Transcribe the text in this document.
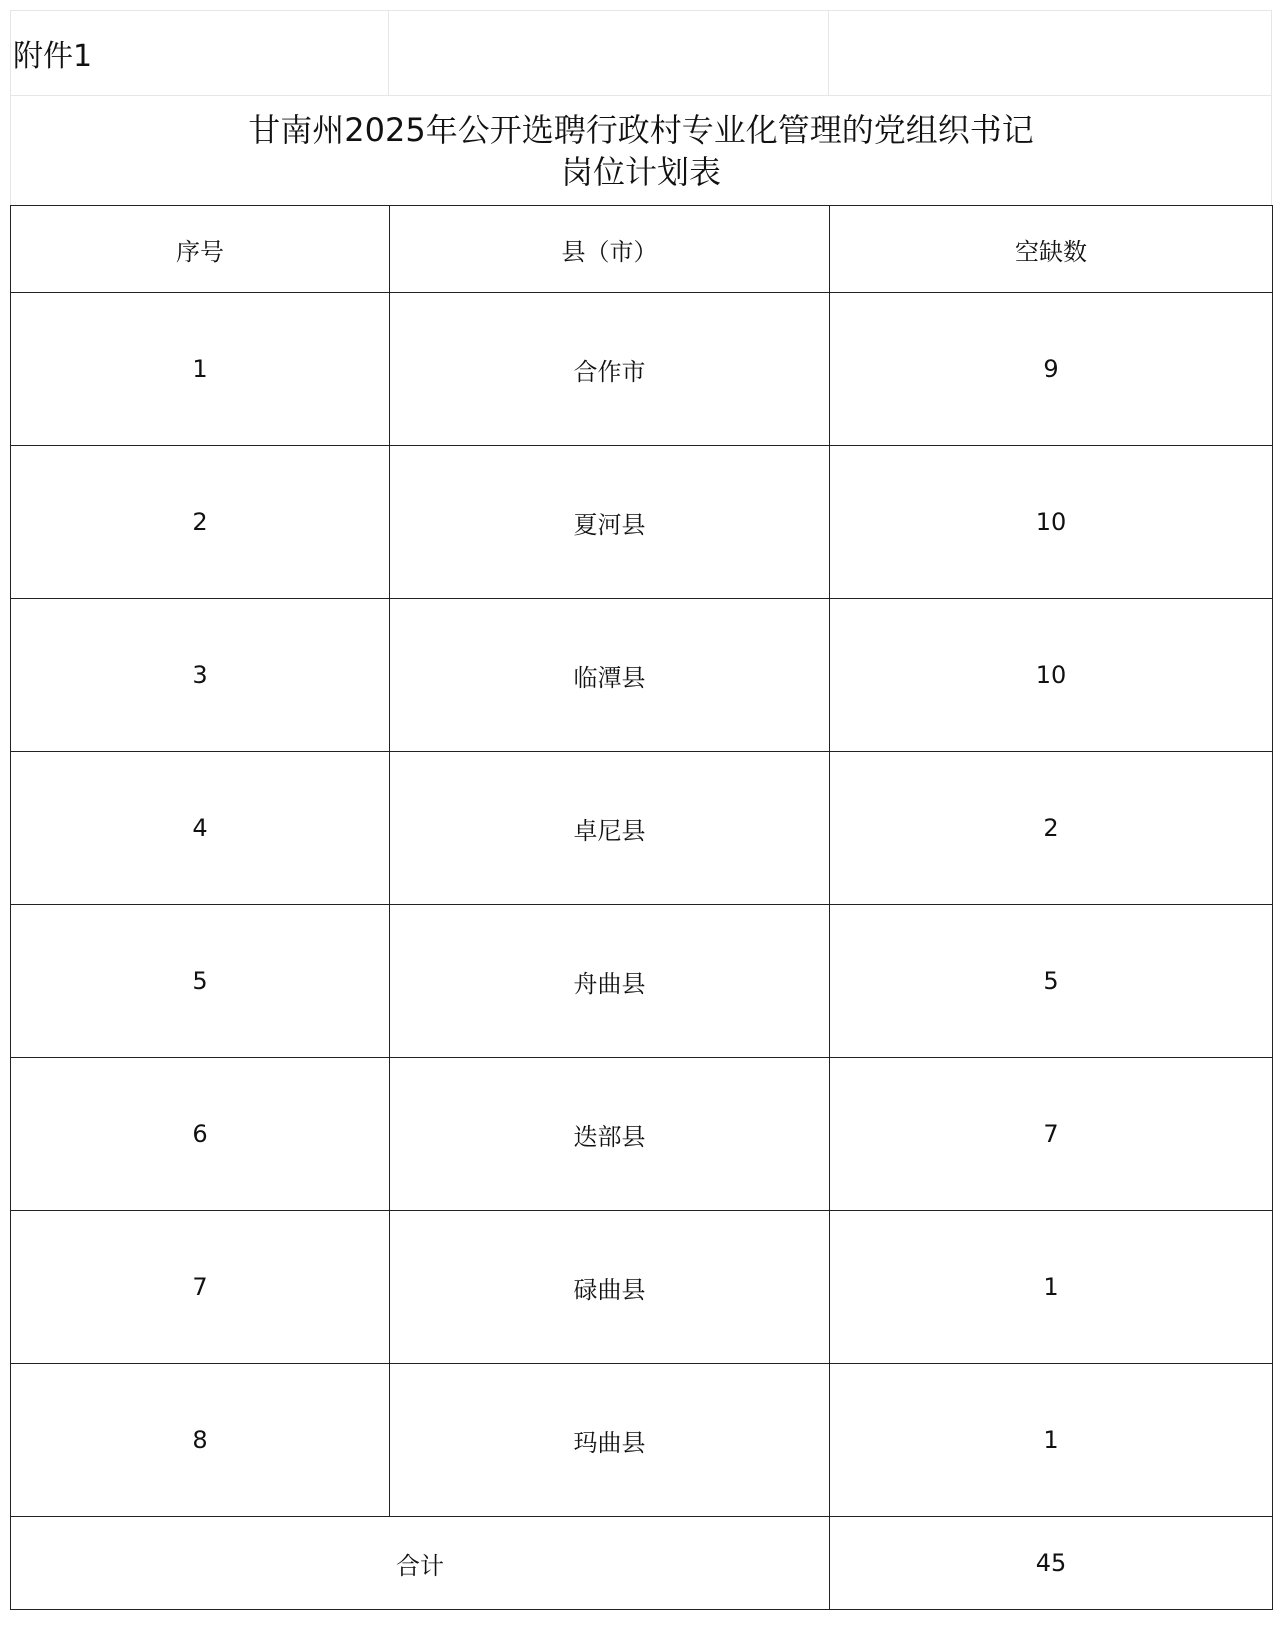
附件1
甘南州2025年公开选聘行政村专业化管理的党组织书记
岗位计划表
序号	县（市）	空缺数
1	合作市	9
2	夏河县	10
3	临潭县	10
4	卓尼县	2
5	舟曲县	5
6	迭部县	7
7	碌曲县	1
8	玛曲县	1
合计		45
